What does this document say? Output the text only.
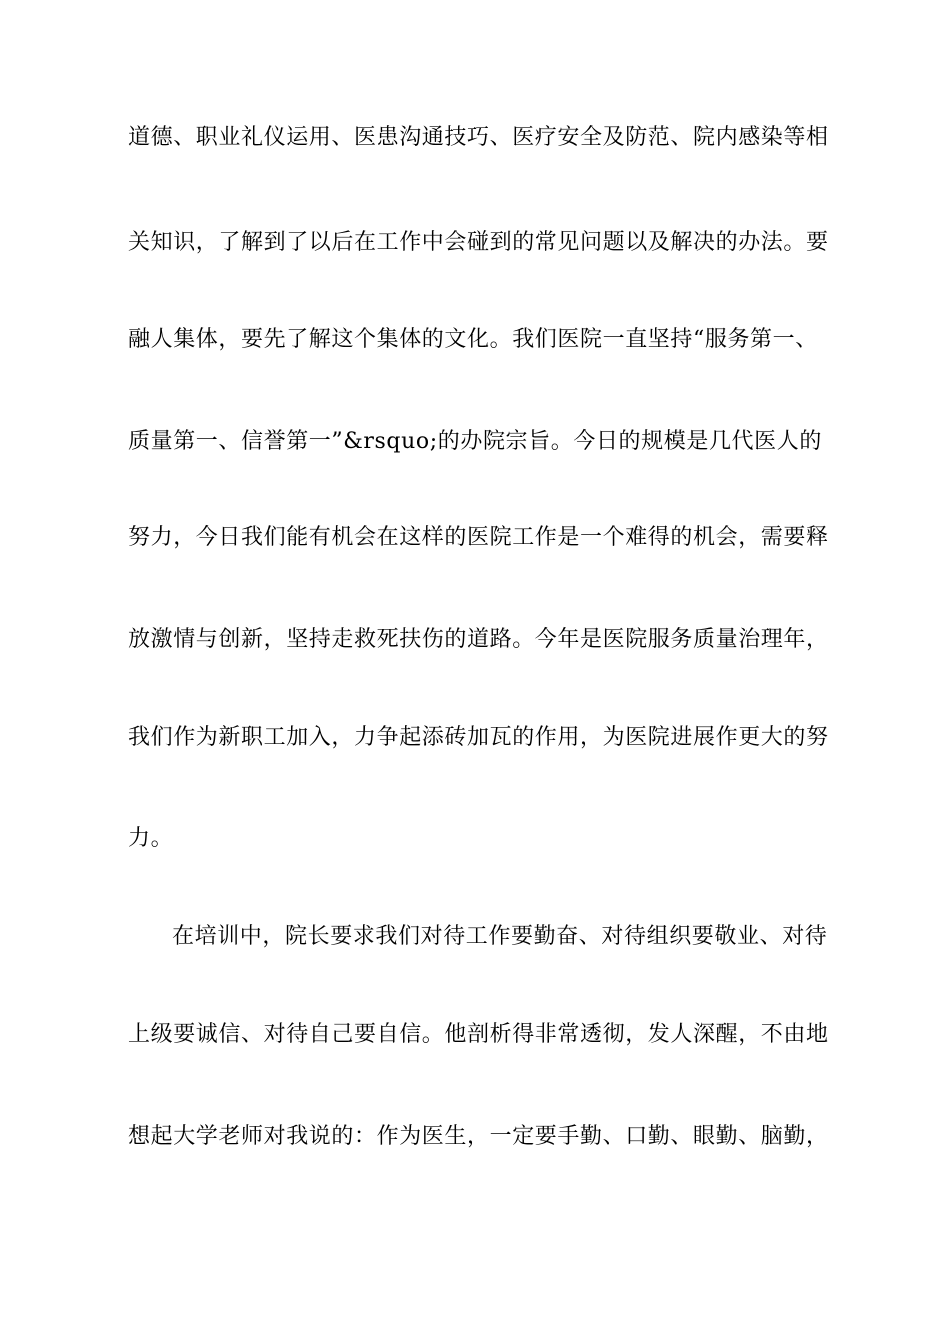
道德、职业礼仪运用、医患沟通技巧、医疗安全及防范、院内感染等相
关知识，了解到了以后在工作中会碰到的常见问题以及解决的办法。要
融人集体，要先了解这个集体的文化。我们医院一直坚持“服务第一、
质量第一、信誉第一”&rsquo;的办院宗旨。今日的规模是几代医人的
努力，今日我们能有机会在这样的医院工作是一个难得的机会，需要释
放激情与创新，坚持走救死扶伤的道路。今年是医院服务质量治理年，
我们作为新职工加入，力争起添砖加瓦的作用，为医院进展作更大的努
力。
在培训中，院长要求我们对待工作要勤奋、对待组织要敬业、对待
上级要诚信、对待自己要自信。他剖析得非常透彻，发人深醒，不由地
想起大学老师对我说的：作为医生，一定要手勤、口勤、眼勤、脑勤，
